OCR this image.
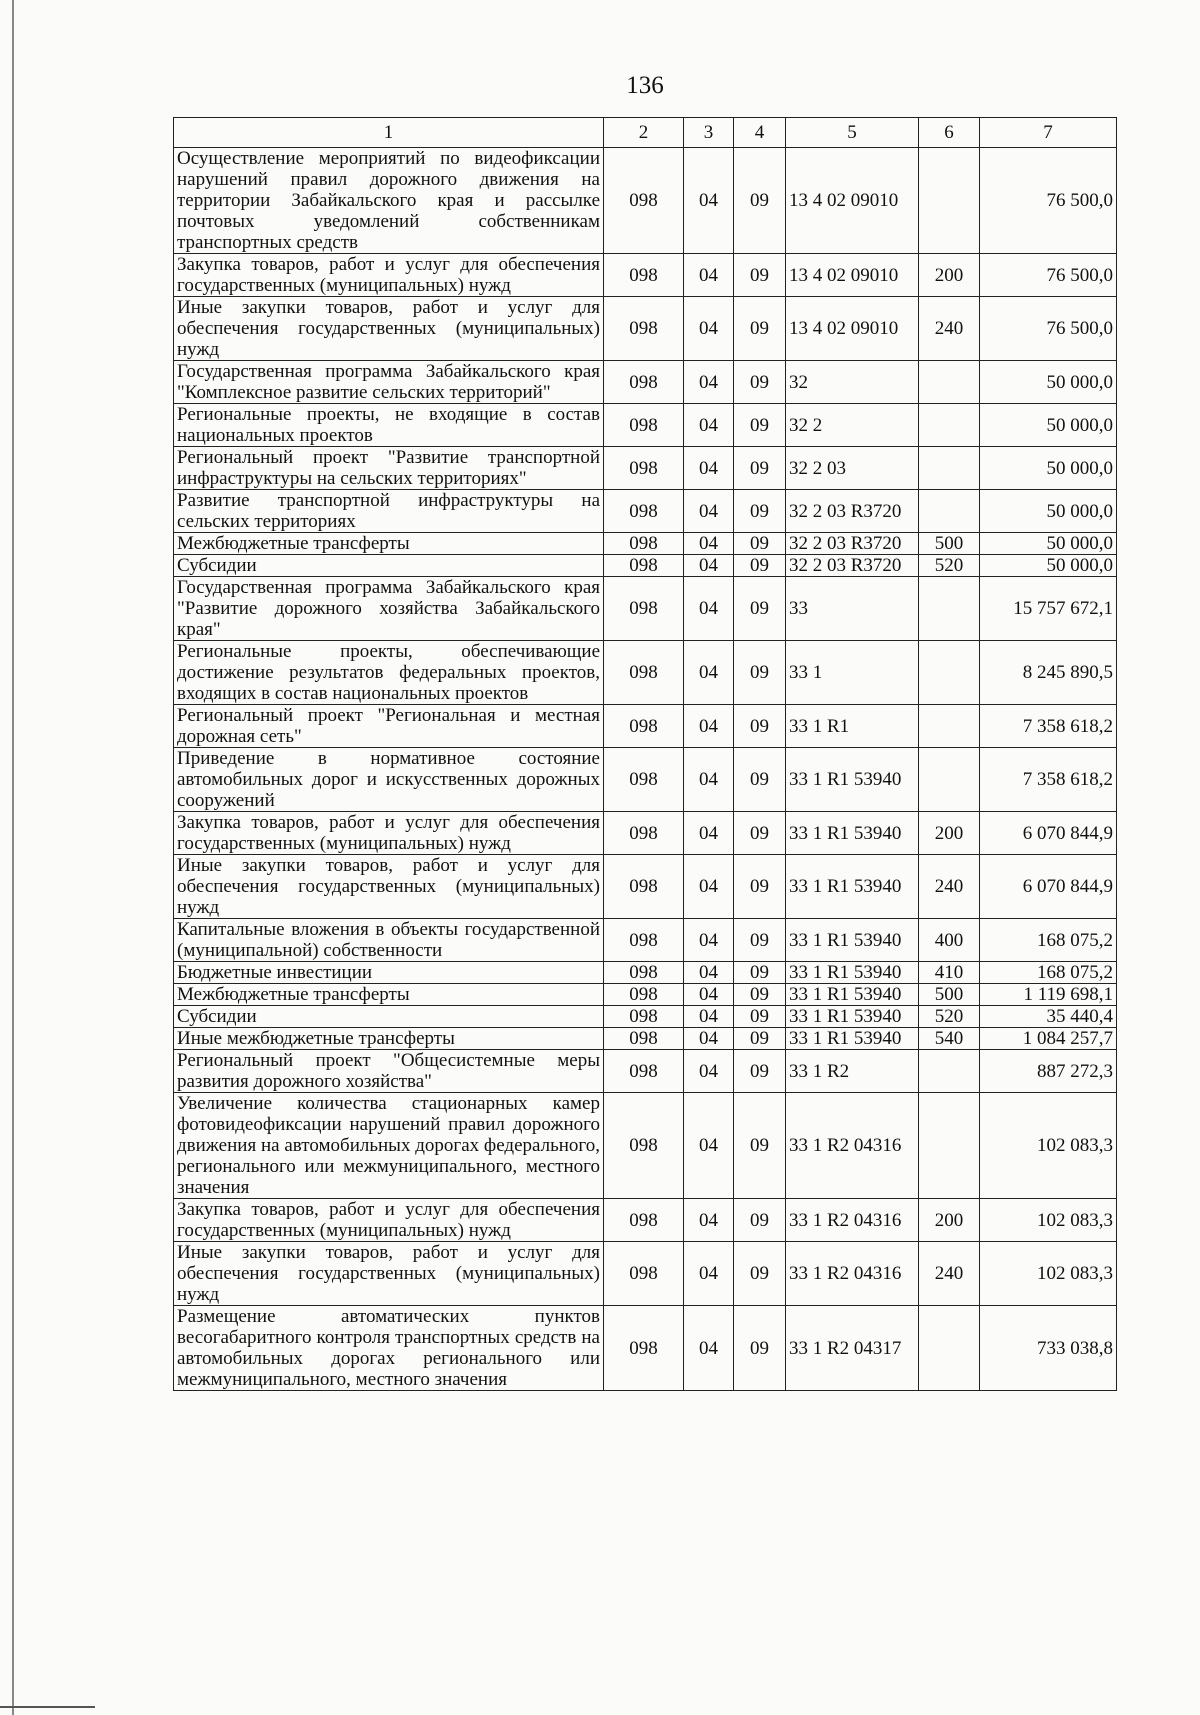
136
1	2	3	4	5	6	7
Осуществление мероприятий по видеофиксации нарушений правил дорожного движения на территории Забайкальского края и рассылке почтовых уведомлений собственникам транспортных средств	098	04	09	13 4 02 09010		76 500,0
Закупка товаров, работ и услуг для обеспечения государственных (муниципальных) нужд	098	04	09	13 4 02 09010	200	76 500,0
Иные закупки товаров, работ и услуг для обеспечения государственных (муниципальных) нужд	098	04	09	13 4 02 09010	240	76 500,0
Государственная программа Забайкальского края "Комплексное развитие сельских территорий"	098	04	09	32		50 000,0
Региональные проекты, не входящие в состав национальных проектов	098	04	09	32 2		50 000,0
Региональный проект "Развитие транспортной инфраструктуры на сельских территориях"	098	04	09	32 2 03		50 000,0
Развитие транспортной инфраструктуры на сельских территориях	098	04	09	32 2 03 R3720		50 000,0
Межбюджетные трансферты	098	04	09	32 2 03 R3720	500	50 000,0
Субсидии	098	04	09	32 2 03 R3720	520	50 000,0
Государственная программа Забайкальского края "Развитие дорожного хозяйства Забайкальского края"	098	04	09	33		15 757 672,1
Региональные проекты, обеспечивающие достижение результатов федеральных проектов, входящих в состав национальных проектов	098	04	09	33 1		8 245 890,5
Региональный проект "Региональная и местная дорожная сеть"	098	04	09	33 1 R1		7 358 618,2
Приведение в нормативное состояние автомобильных дорог и искусственных дорожных сооружений	098	04	09	33 1 R1 53940		7 358 618,2
Закупка товаров, работ и услуг для обеспечения государственных (муниципальных) нужд	098	04	09	33 1 R1 53940	200	6 070 844,9
Иные закупки товаров, работ и услуг для обеспечения государственных (муниципальных) нужд	098	04	09	33 1 R1 53940	240	6 070 844,9
Капитальные вложения в объекты государственной (муниципальной) собственности	098	04	09	33 1 R1 53940	400	168 075,2
Бюджетные инвестиции	098	04	09	33 1 R1 53940	410	168 075,2
Межбюджетные трансферты	098	04	09	33 1 R1 53940	500	1 119 698,1
Субсидии	098	04	09	33 1 R1 53940	520	35 440,4
Иные межбюджетные трансферты	098	04	09	33 1 R1 53940	540	1 084 257,7
Региональный проект "Общесистемные меры развития дорожного хозяйства"	098	04	09	33 1 R2		887 272,3
Увеличение количества стационарных камер фотовидеофиксации нарушений правил дорожного движения на автомобильных дорогах федерального, регионального или межмуниципального, местного значения	098	04	09	33 1 R2 04316		102 083,3
Закупка товаров, работ и услуг для обеспечения государственных (муниципальных) нужд	098	04	09	33 1 R2 04316	200	102 083,3
Иные закупки товаров, работ и услуг для обеспечения государственных (муниципальных) нужд	098	04	09	33 1 R2 04316	240	102 083,3
Размещение автоматических пунктов весогабаритного контроля транспортных средств на автомобильных дорогах регионального или межмуниципального, местного значения	098	04	09	33 1 R2 04317		733 038,8
